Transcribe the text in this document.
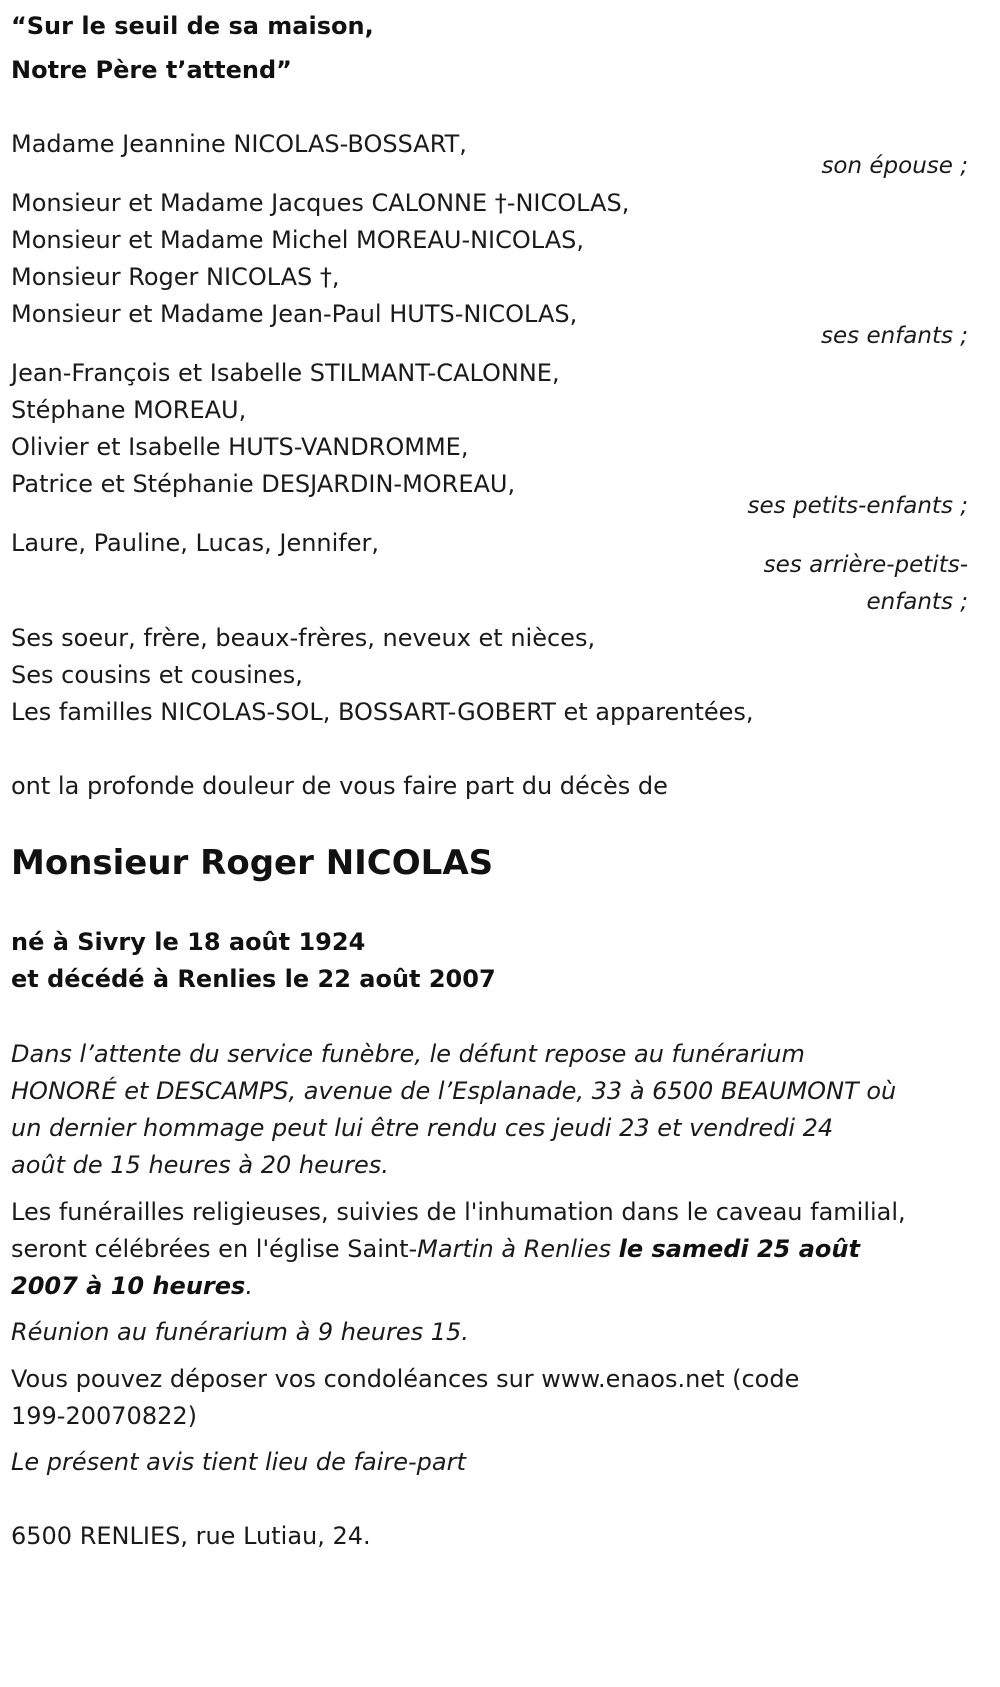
“Sur le seuil de sa maison,
Notre Père t’attend”
Madame Jeannine NICOLAS-BOSSART,
son épouse ;
Monsieur et Madame Jacques CALONNE †-NICOLAS,
Monsieur et Madame Michel MOREAU-NICOLAS,
Monsieur Roger NICOLAS †,
Monsieur et Madame Jean-Paul HUTS-NICOLAS,
ses enfants ;
Jean-François et Isabelle STILMANT-CALONNE,
Stéphane MOREAU,
Olivier et Isabelle HUTS-VANDROMME,
Patrice et Stéphanie DESJARDIN-MOREAU,
ses petits-enfants ;
Laure, Pauline, Lucas, Jennifer,
ses arrière-petits-
enfants ;
Ses soeur, frère, beaux-frères, neveux et nièces,
Ses cousins et cousines,
Les familles NICOLAS-SOL, BOSSART-GOBERT et apparentées,
ont la profonde douleur de vous faire part du décès de
Monsieur Roger NICOLAS
né à Sivry le 18 août 1924
et décédé à Renlies le 22 août 2007
Dans l’attente du service funèbre, le défunt repose au funérarium
HONORÉ et DESCAMPS, avenue de l’Esplanade, 33 à 6500 BEAUMONT où
un dernier hommage peut lui être rendu ces jeudi 23 et vendredi 24
août de 15 heures à 20 heures.
Les funérailles religieuses, suivies de l'inhumation dans le caveau familial,
seront célébrées en l'église Saint-Martin à Renlies le samedi 25 août
2007 à 10 heures.
Réunion au funérarium à 9 heures 15.
Vous pouvez déposer vos condoléances sur www.enaos.net (code
199-20070822)
Le présent avis tient lieu de faire-part
6500 RENLIES, rue Lutiau, 24.
